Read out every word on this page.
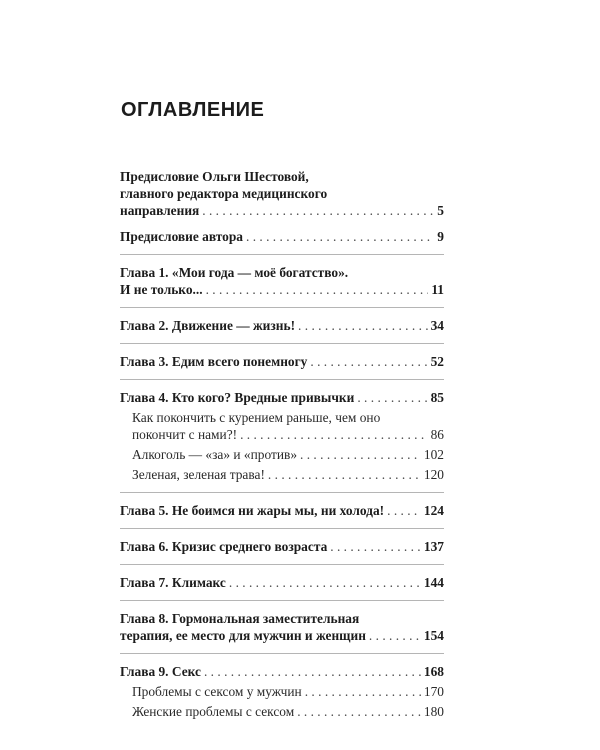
ОГЛАВЛЕНИЕ
Предисловие Ольги Шестовой,
главного редактора медицинского
направления . . .	5
Предисловие автора . . .	9
Глава 1. «Мои года — моё богатство».
И не только... . . .	11
Глава 2. Движение — жизнь! . . .	34
Глава 3. Едим всего понемногу . . .	52
Глава 4. Кто кого? Вредные привычки . . .	85
Как покончить с курением раньше, чем оно
покончит с нами?! . . .	86
Алкоголь — «за» и «против» . . .	102
Зеленая, зеленая трава! . . .	120
Глава 5. Не боимся ни жары мы, ни холода! . . .	124
Глава 6. Кризис среднего возраста . . .	137
Глава 7. Климакс . . .	144
Глава 8. Гормональная заместительная
терапия, ее место для мужчин и женщин . . .	154
Глава 9. Секс . . .	168
Проблемы с сексом у мужчин . . .	170
Женские проблемы с сексом . . .	180
